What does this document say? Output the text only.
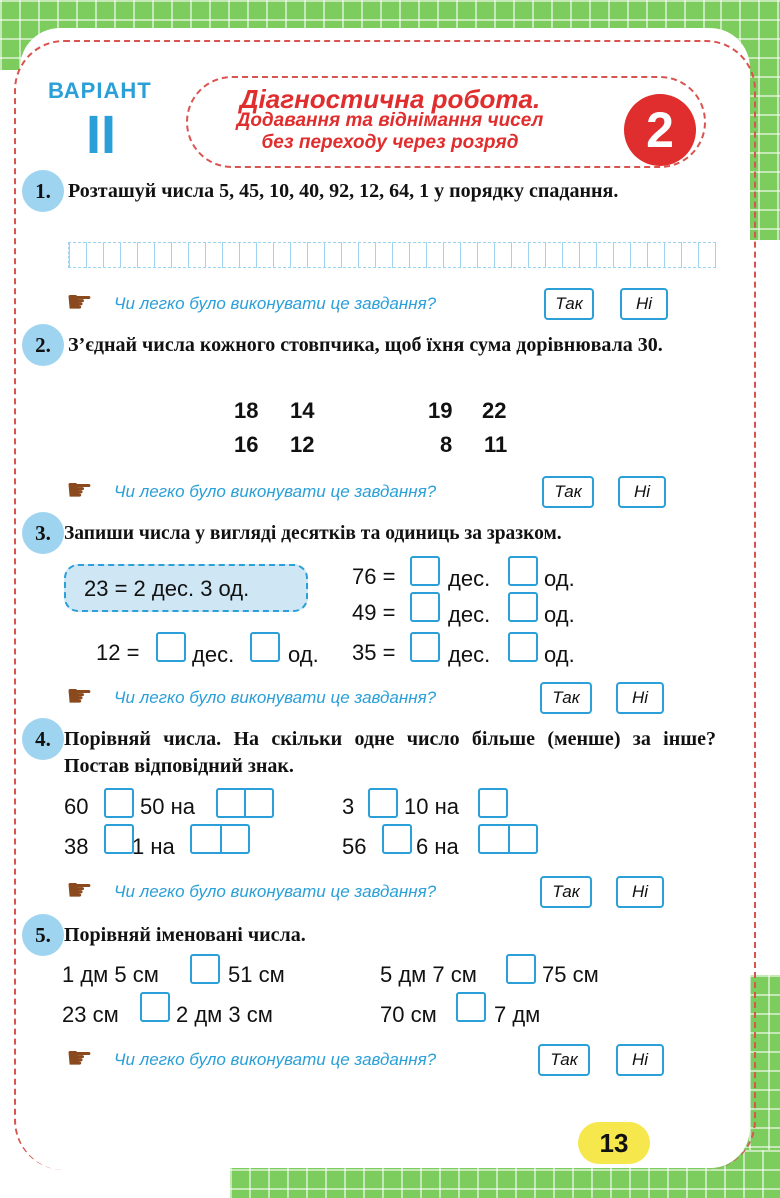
ВАРІАНТ
II
Діагностична робота.
Додавання та віднімання чисел
без переходу через розряд	2
1. Розташуй числа 5, 45, 10, 40, 92, 12, 64, 1 у порядку спадання.
☛ Чи легко було виконувати це завдання?	Так	Ні
2. З’єднай числа кожного стовпчика, щоб їхня сума дорівнювала 30.
18 14
16 12
19 22
8 11
☛ Чи легко було виконувати це завдання?	Так	Ні
3. Запиши числа у вигляді десятків та одиниць за зразком.
23 = 2 дес. 3 од.	76 = дес. од.
49 = дес. од.
12 = дес. од. 35 = дес. од.
☛ Чи легко було виконувати це завдання?	Так	Ні
4. Порівняй числа. На скільки одне число більше (менше) за інше? Постав відповідний знак.
60 50 на	3 10 на
38 1 на	56 6 на
☛ Чи легко було виконувати це завдання?	Так	Ні
5. Порівняй іменовані числа.
1 дм 5 см	51 см	5 дм 7 см	75 см
23 см	2 дм 3 см	70 см	7 дм
☛ Чи легко було виконувати це завдання?	Так	Ні
13
